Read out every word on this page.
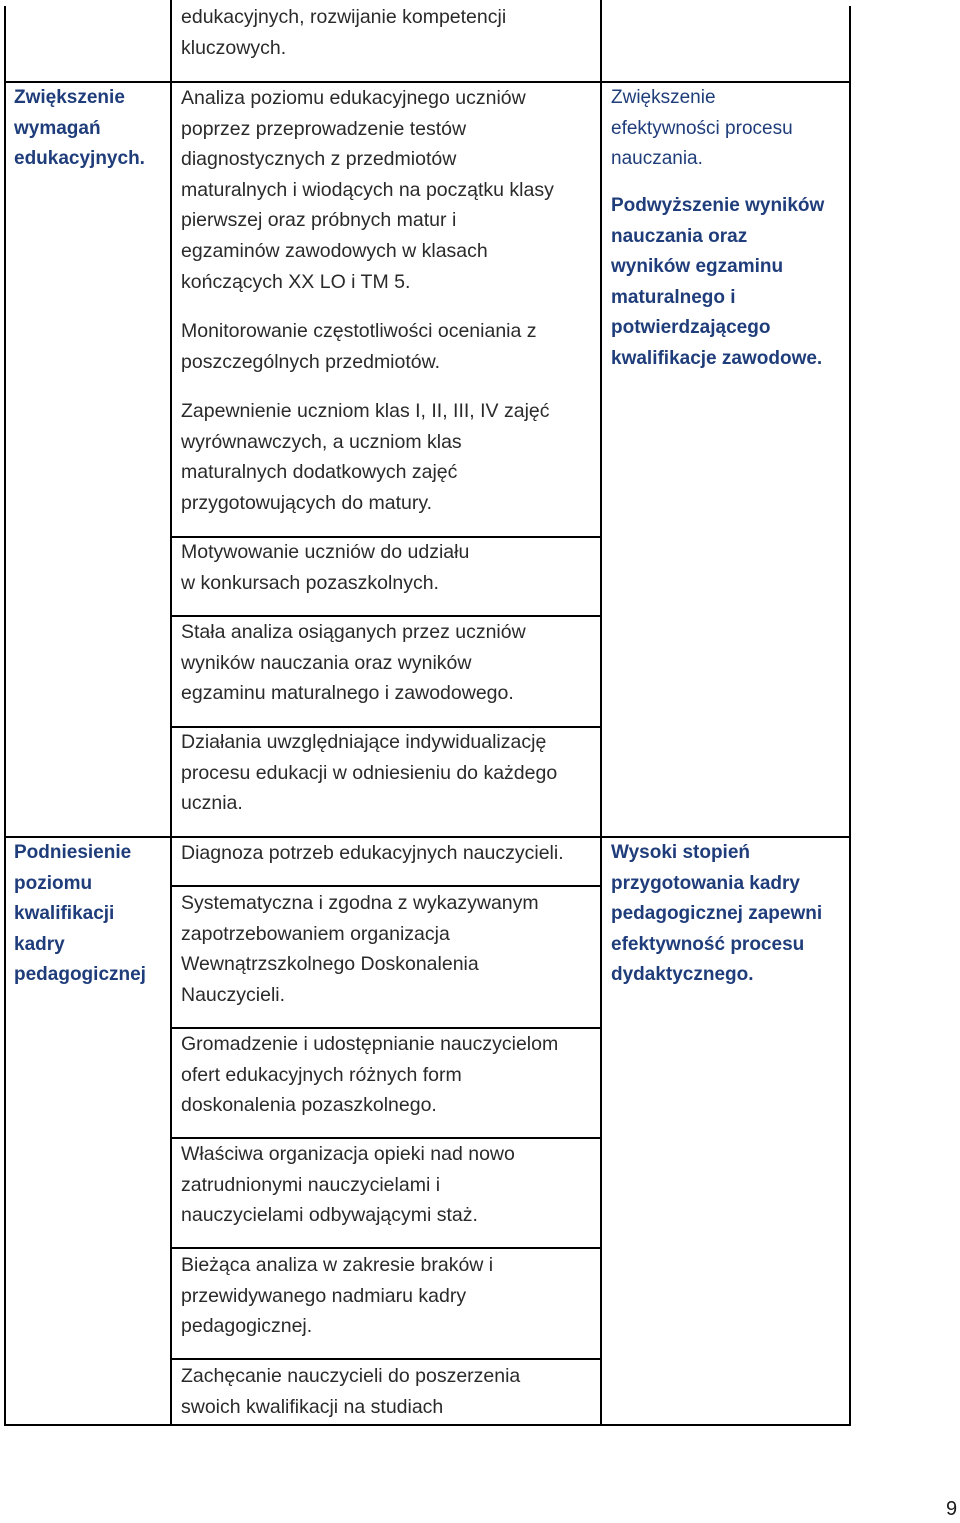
edukacyjnych, rozwijanie kompetencji
kluczowych.

Zwiększenie
wymagań
edukacyjnych.

Analiza poziomu edukacyjnego uczniów
poprzez przeprowadzenie testów
diagnostycznych z przedmiotów
maturalnych i wiodących na początku klasy
pierwszej oraz próbnych matur i
egzaminów zawodowych w klasach
kończących XX LO i TM 5.

Monitorowanie częstotliwości oceniania z
poszczególnych przedmiotów.

Zapewnienie uczniom klas I, II, III, IV zajęć
wyrównawczych, a uczniom klas
maturalnych dodatkowych zajęć
przygotowujących do matury.

Motywowanie uczniów do udziału
w konkursach pozaszkolnych.

Stała analiza osiąganych przez uczniów
wyników nauczania oraz wyników
egzaminu maturalnego i zawodowego.

Działania uwzględniające indywidualizację
procesu edukacji w odniesieniu do każdego
ucznia.

Zwiększenie
efektywności procesu
nauczania.

Podwyższenie wyników
nauczania oraz
wyników egzaminu
maturalnego i
potwierdzającego
kwalifikacje zawodowe.

Podniesienie
poziomu
kwalifikacji
kadry
pedagogicznej

Diagnoza potrzeb edukacyjnych nauczycieli.

Systematyczna i zgodna z wykazywanym
zapotrzebowaniem organizacja
Wewnątrzszkolnego Doskonalenia
Nauczycieli.

Gromadzenie i udostępnianie nauczycielom
ofert edukacyjnych różnych form
doskonalenia pozaszkolnego.

Właściwa organizacja opieki nad nowo
zatrudnionymi nauczycielami i
nauczycielami odbywającymi staż.

Bieżąca analiza w zakresie braków i
przewidywanego nadmiaru kadry
pedagogicznej.

Zachęcanie nauczycieli do poszerzenia
swoich kwalifikacji na studiach

Wysoki stopień
przygotowania kadry
pedagogicznej zapewni
efektywność procesu
dydaktycznego.

9
